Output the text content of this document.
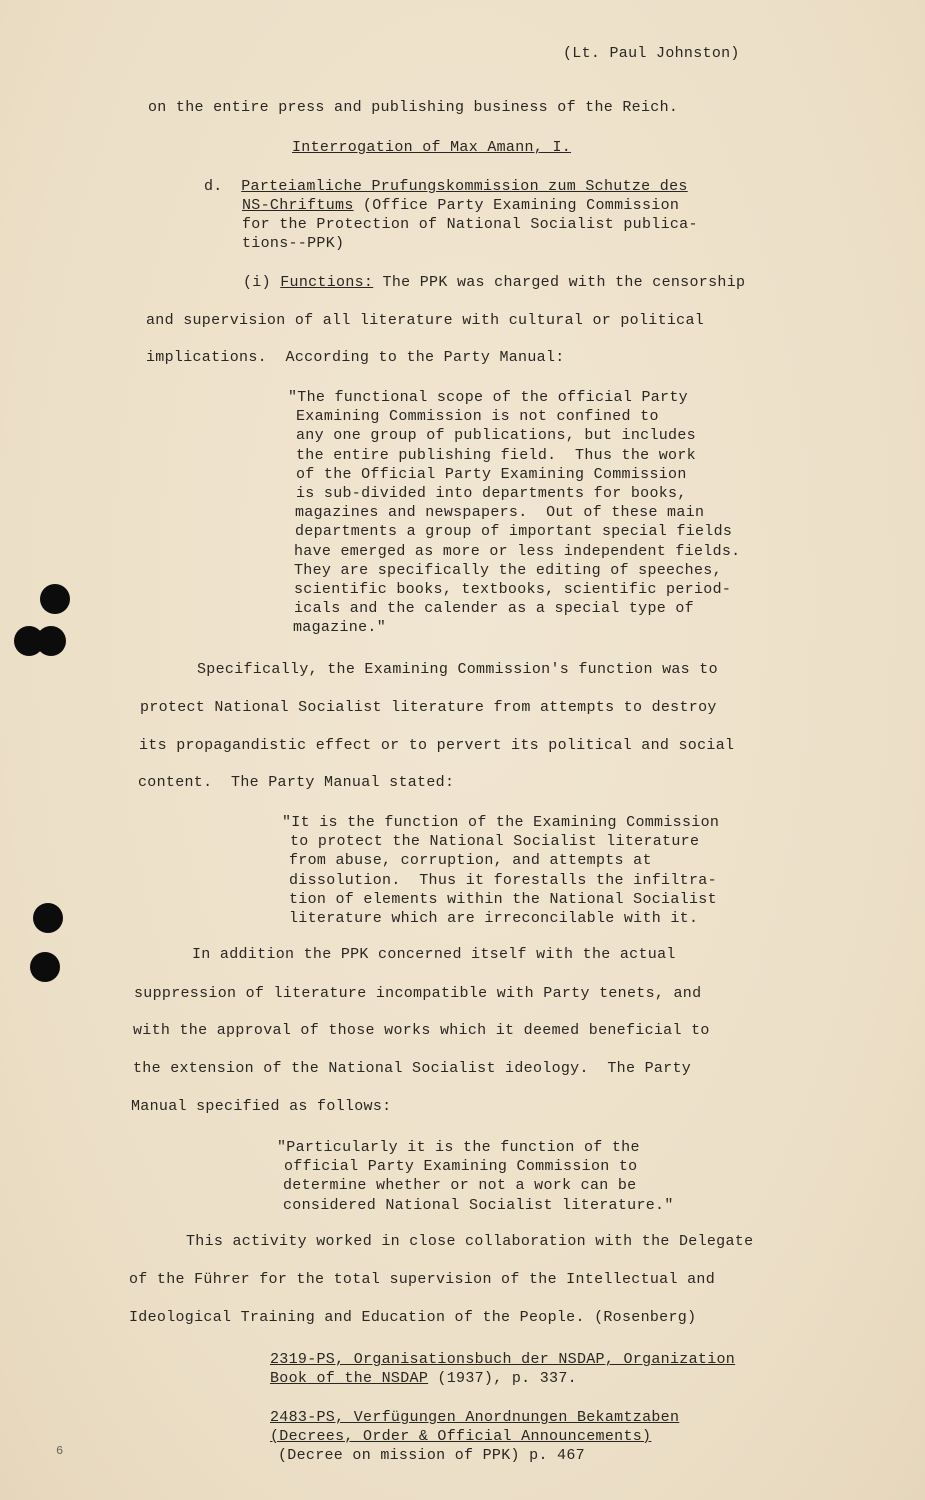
(Lt. Paul Johnston)
on the entire press and publishing business of the Reich.
Interrogation of Max Amann, I.
d. Parteiamliche Prufungskommission zum Schutze des
NS-Chriftums (Office Party Examining Commission
for the Protection of National Socialist publica-
tions--PPK)
(i) Functions: The PPK was charged with the censorship
and supervision of all literature with cultural or political
implications.  According to the Party Manual:
"The functional scope of the official Party
Examining Commission is not confined to
any one group of publications, but includes
the entire publishing field.  Thus the work
of the Official Party Examining Commission
is sub-divided into departments for books,
magazines and newspapers.  Out of these main
departments a group of important special fields
have emerged as more or less independent fields.
They are specifically the editing of speeches,
scientific books, textbooks, scientific period-
icals and the calender as a special type of
magazine."
Specifically, the Examining Commission's function was to
protect National Socialist literature from attempts to destroy
its propagandistic effect or to pervert its political and social
content.  The Party Manual stated:
"It is the function of the Examining Commission
to protect the National Socialist literature
from abuse, corruption, and attempts at
dissolution.  Thus it forestalls the infiltra-
tion of elements within the National Socialist
literature which are irreconcilable with it.
In addition the PPK concerned itself with the actual
suppression of literature incompatible with Party tenets, and
with the approval of those works which it deemed beneficial to
the extension of the National Socialist ideology.  The Party
Manual specified as follows:
"Particularly it is the function of the
official Party Examining Commission to
determine whether or not a work can be
considered National Socialist literature."
This activity worked in close collaboration with the Delegate
of the Führer for the total supervision of the Intellectual and
Ideological Training and Education of the People. (Rosenberg)
2319-PS, Organisationsbuch der NSDAP, Organization
Book of the NSDAP (1937), p. 337.
2483-PS, Verfügungen Anordnungen Bekamtzaben
(Decrees, Order & Official Announcements)
(Decree on mission of PPK) p. 467
6
